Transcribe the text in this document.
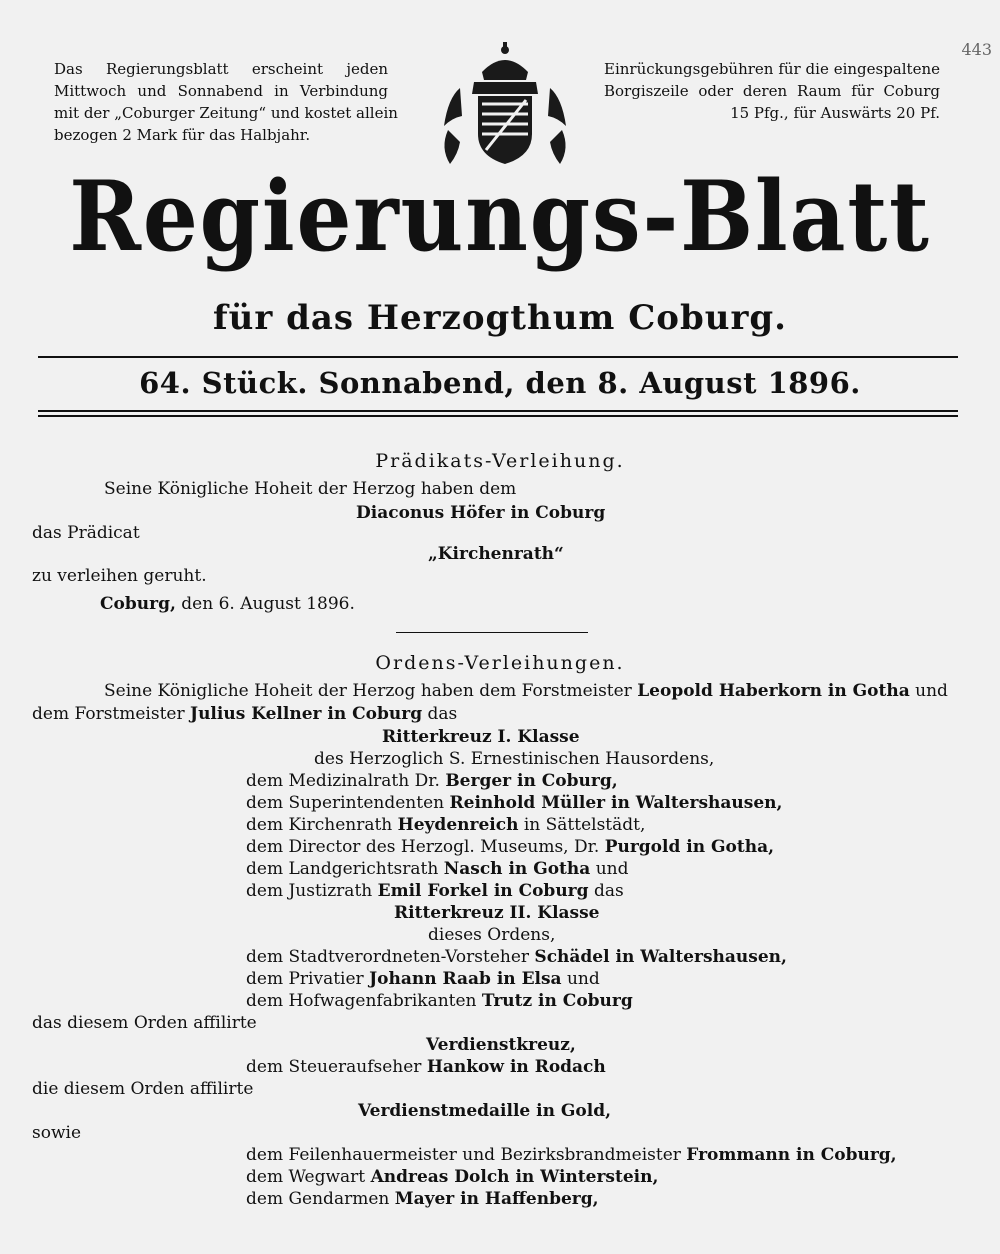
Das Regierungsblatt erscheint jeden
Mittwoch und Sonnabend in Verbindung
mit der „Coburger Zeitung“ und kostet allein
bezogen 2 Mark für das Halbjahr.
Einrückungsgebühren für die eingespaltene
Borgiszeile oder deren Raum für Coburg
15 Pfg., für Auswärts 20 Pf.
443
Regierungs-Blatt
für das Herzogthum Coburg.
64. Stück. Sonnabend, den 8. August 1896.
Prädikats-Verleihung.
Seine Königliche Hoheit der Herzog haben dem
Diaconus Höfer in Coburg
das Prädicat
„Kirchenrath“
zu verleihen geruht.
Coburg, den 6. August 1896.
Ordens-Verleihungen.
Seine Königliche Hoheit der Herzog haben dem Forstmeister Leopold Haberkorn in Gotha und
dem Forstmeister Julius Kellner in Coburg das
Ritterkreuz I. Klasse
des Herzoglich S. Ernestinischen Hausordens,
dem Medizinalrath Dr. Berger in Coburg,
dem Superintendenten Reinhold Müller in Waltershausen,
dem Kirchenrath Heydenreich in Sättelstädt,
dem Director des Herzogl. Museums, Dr. Purgold in Gotha,
dem Landgerichtsrath Nasch in Gotha und
dem Justizrath Emil Forkel in Coburg das
Ritterkreuz II. Klasse
dieses Ordens,
dem Stadtverordneten-Vorsteher Schädel in Waltershausen,
dem Privatier Johann Raab in Elsa und
dem Hofwagenfabrikanten Trutz in Coburg
das diesem Orden affilirte
Verdienstkreuz,
dem Steueraufseher Hankow in Rodach
die diesem Orden affilirte
Verdienstmedaille in Gold,
sowie
dem Feilenhauermeister und Bezirksbrandmeister Frommann in Coburg,
dem Wegwart Andreas Dolch in Winterstein,
dem Gendarmen Mayer in Haffenberg,
